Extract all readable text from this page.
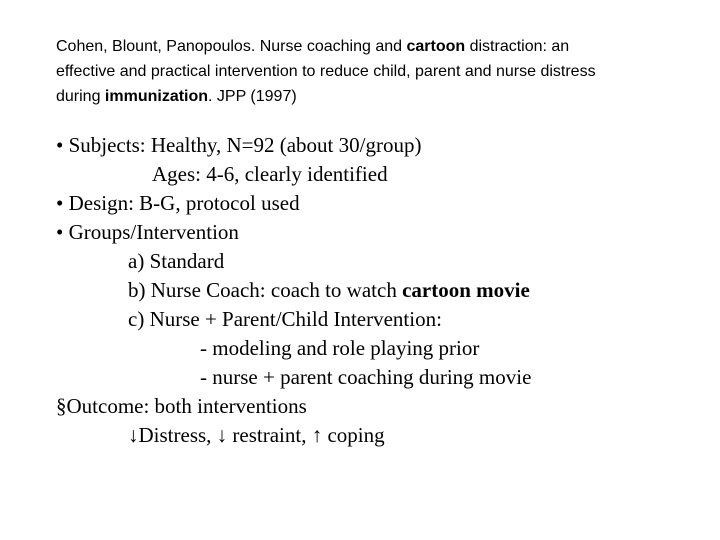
Cohen, Blount, Panopoulos. Nurse coaching and cartoon distraction: an
effective and practical intervention to reduce child, parent and nurse distress
during immunization. JPP (1997)
• Subjects: Healthy, N=92 (about 30/group)
Ages: 4-6, clearly identified
• Design: B-G, protocol used
• Groups/Intervention
a) Standard
b) Nurse Coach: coach to watch cartoon movie
c) Nurse + Parent/Child Intervention:
- modeling and role playing prior
- nurse + parent coaching during movie
§Outcome: both interventions
↓Distress, ↓ restraint, ↑ coping
